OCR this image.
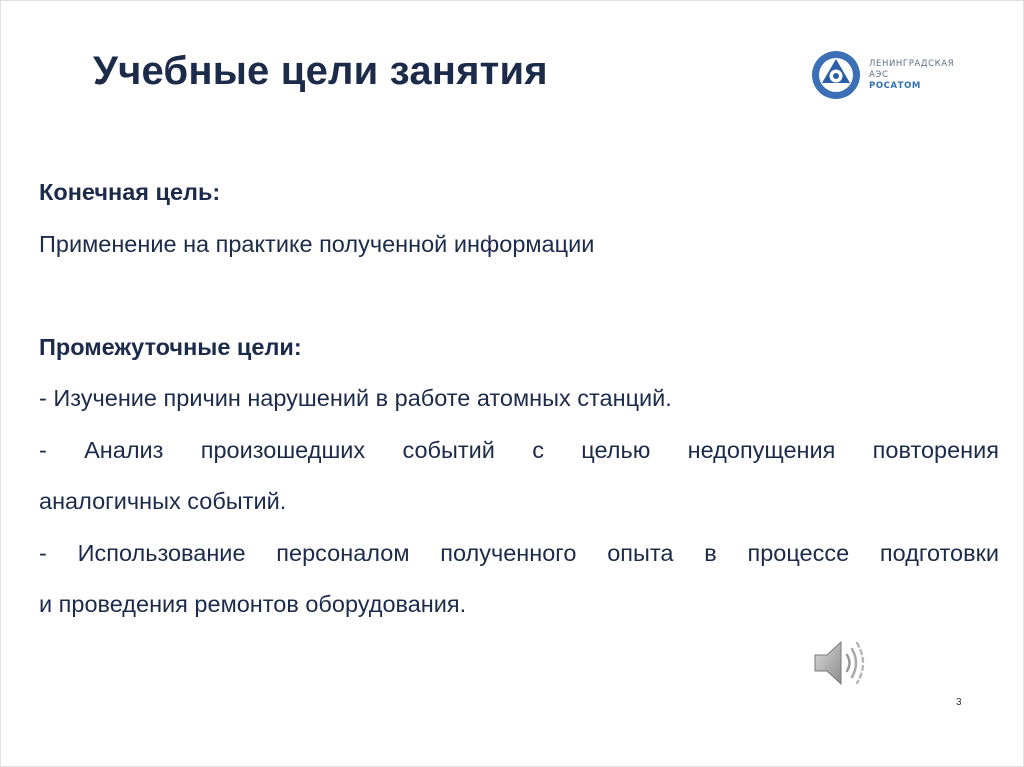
Учебные цели занятия	ЛЕНИНГРАДСКАЯ
АЭС
РОСАТОМ
Конечная цель:
Применение на практике полученной информации
Промежуточные цели:
- Изучение причин нарушений в работе атомных станций.
- Анализ произошедших событий с целью недопущения повторения
аналогичных событий.
- Использование персоналом полученного опыта в процессе подготовки
и проведения ремонтов оборудования.
3
